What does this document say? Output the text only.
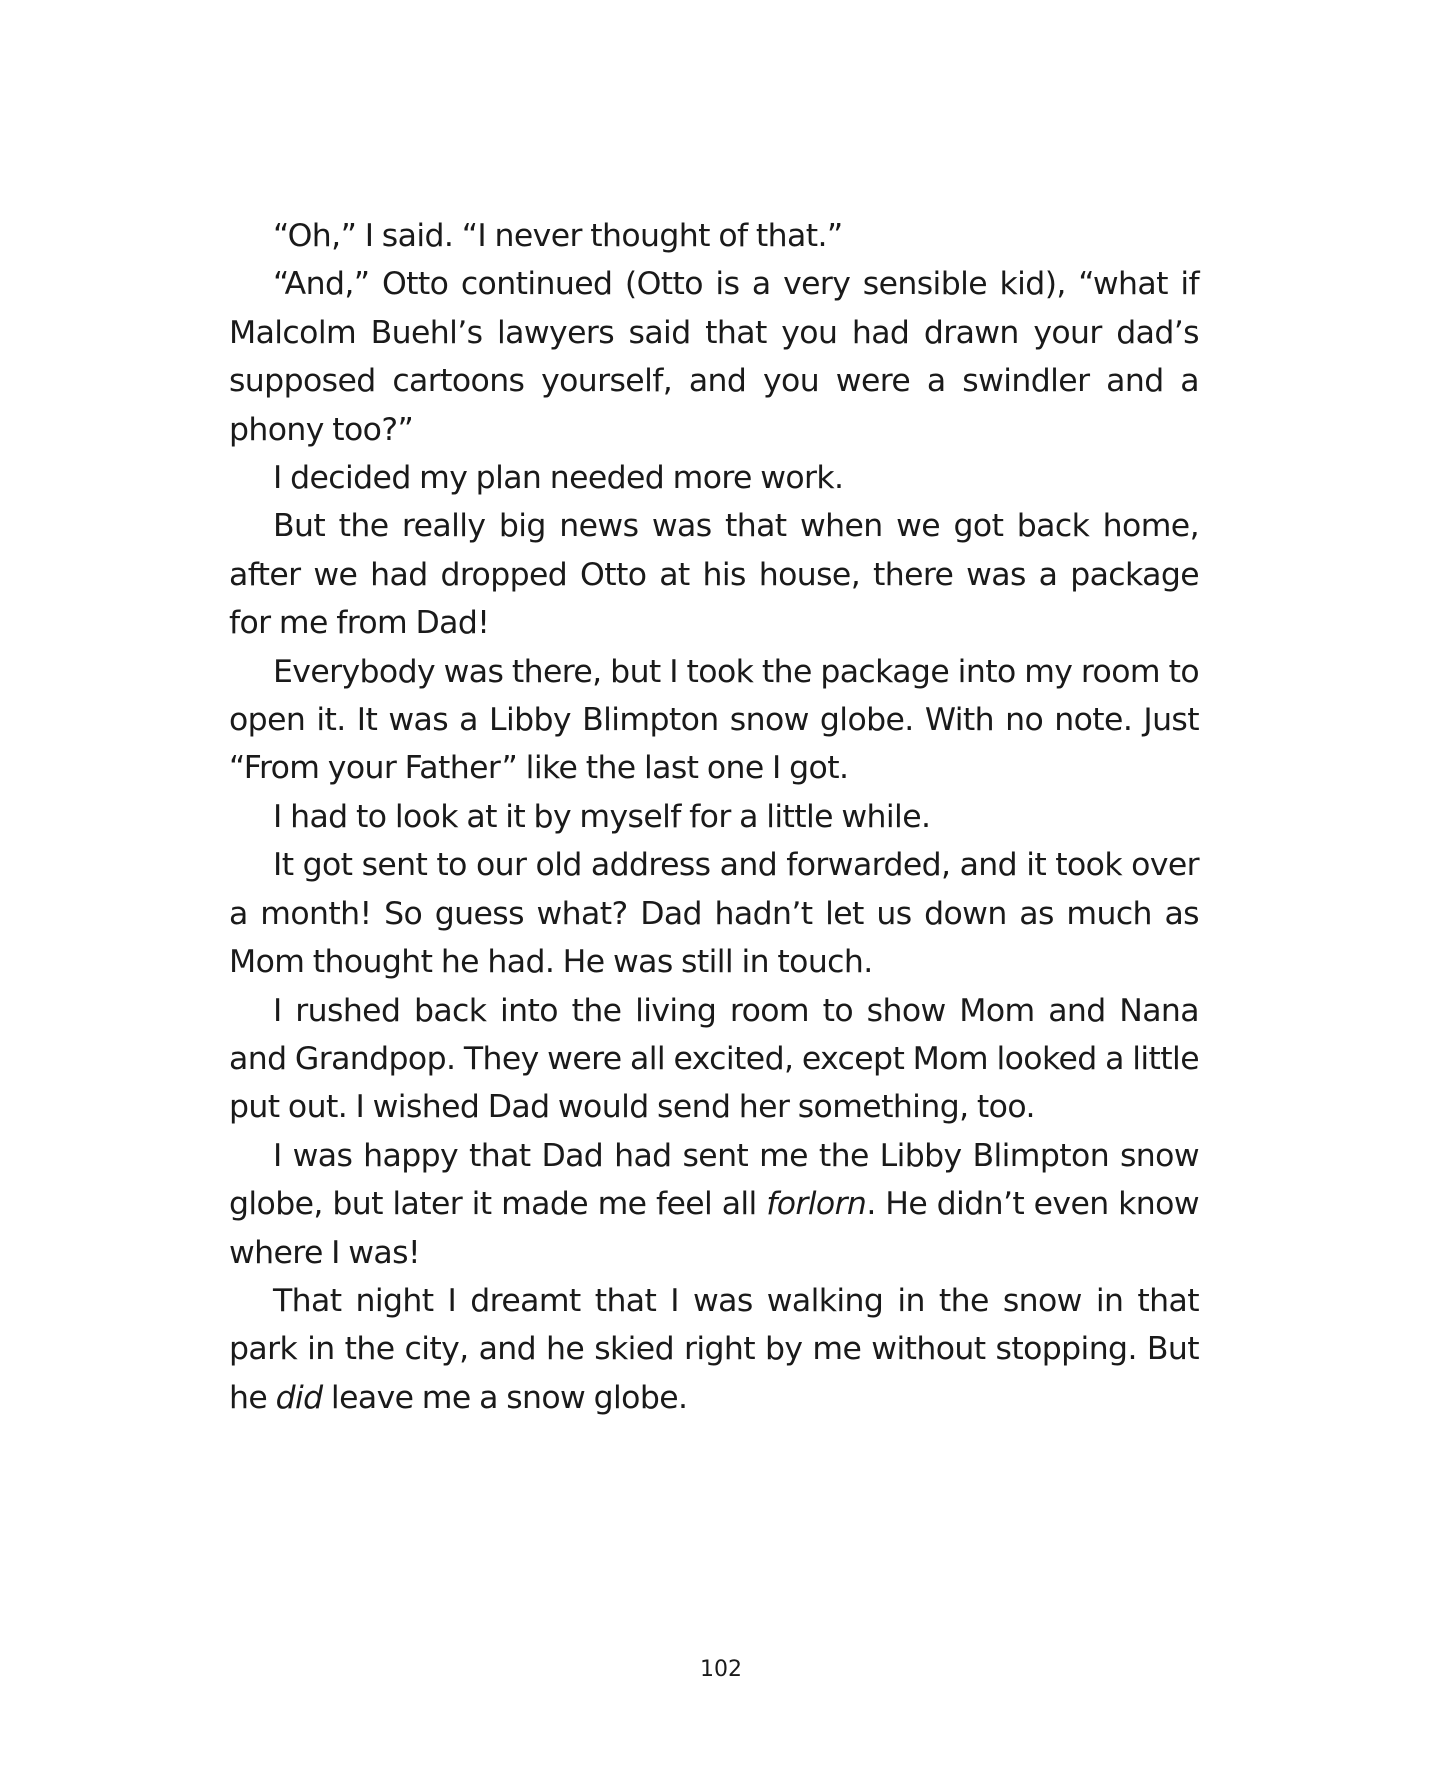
“Oh,” I said. “I never thought of that.”

“And,” Otto continued (Otto is a very sensible kid), “what if Malcolm Buehl’s lawyers said that you had drawn your dad’s supposed cartoons yourself, and you were a swindler and a phony too?”

I decided my plan needed more work.

But the really big news was that when we got back home, after we had dropped Otto at his house, there was a package for me from Dad!

Everybody was there, but I took the package into my room to open it. It was a Libby Blimpton snow globe. With no note. Just “From your Father” like the last one I got.

I had to look at it by myself for a little while.

It got sent to our old address and forwarded, and it took over a month! So guess what? Dad hadn’t let us down as much as Mom thought he had. He was still in touch.

I rushed back into the living room to show Mom and Nana and Grandpop. They were all excited, except Mom looked a little put out. I wished Dad would send her something, too.

I was happy that Dad had sent me the Libby Blimpton snow globe, but later it made me feel all forlorn. He didn’t even know where I was!

That night I dreamt that I was walking in the snow in that park in the city, and he skied right by me without stopping. But he did leave me a snow globe.

102
